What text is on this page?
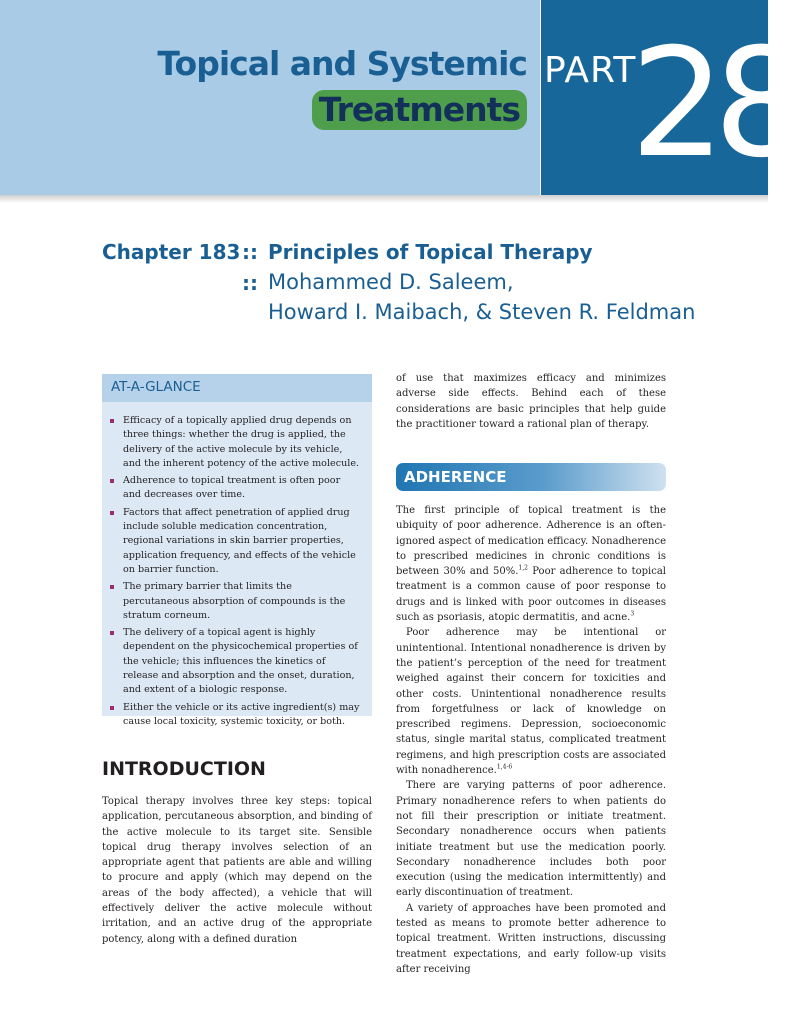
Topical and Systemic
Treatments
PART
28
Chapter 183 :: Principles of Topical Therapy
:: Mohammed D. Saleem,
Howard I. Maibach, & Steven R. Feldman
AT-A-GLANCE
Efficacy of a topically applied drug depends on three things: whether the drug is applied, the delivery of the active molecule by its vehicle, and the inherent potency of the active molecule.
Adherence to topical treatment is often poor and decreases over time.
Factors that affect penetration of applied drug include soluble medication concentration, regional variations in skin barrier properties, application frequency, and effects of the vehicle on barrier function.
The primary barrier that limits the percutaneous absorption of compounds is the stratum corneum.
The delivery of a topical agent is highly dependent on the physicochemical properties of the vehicle; this influences the kinetics of release and absorption and the onset, duration, and extent of a biologic response.
Either the vehicle or its active ingredient(s) may cause local toxicity, systemic toxicity, or both.
INTRODUCTION

Topical therapy involves three key steps: topical application, percutaneous absorption, and binding of the active molecule to its target site. Sensible topical drug therapy involves selection of an appropriate agent that patients are able and willing to procure and apply (which may depend on the areas of the body affected), a vehicle that will effectively deliver the active molecule without irritation, and an active drug of the appropriate potency, along with a defined duration

of use that maximizes efficacy and minimizes adverse side effects. Behind each of these considerations are basic principles that help guide the practitioner toward a rational plan of therapy.

ADHERENCE

The first principle of topical treatment is the ubiquity of poor adherence. Adherence is an often-ignored aspect of medication efficacy. Nonadherence to prescribed medicines in chronic conditions is between 30% and 50%.$^{1,2}$ Poor adherence to topical treatment is a common cause of poor response to drugs and is linked with poor outcomes in diseases such as psoriasis, atopic dermatitis, and acne.$^3$

Poor adherence may be intentional or unintentional. Intentional nonadherence is driven by the patient’s perception of the need for treatment weighed against their concern for toxicities and other costs. Unintentional nonadherence results from forgetfulness or lack of knowledge on prescribed regimens. Depression, socioeconomic status, single marital status, complicated treatment regimens, and high prescription costs are associated with nonadherence.$^{1,4-6}$

There are varying patterns of poor adherence. Primary nonadherence refers to when patients do not fill their prescription or initiate treatment. Secondary nonadherence occurs when patients initiate treatment but use the medication poorly. Secondary nonadherence includes both poor execution (using the medication intermittently) and early discontinuation of treatment.

A variety of approaches have been promoted and tested as means to promote better adherence to topical treatment. Written instructions, discussing treatment expectations, and early follow-up visits after receiving
